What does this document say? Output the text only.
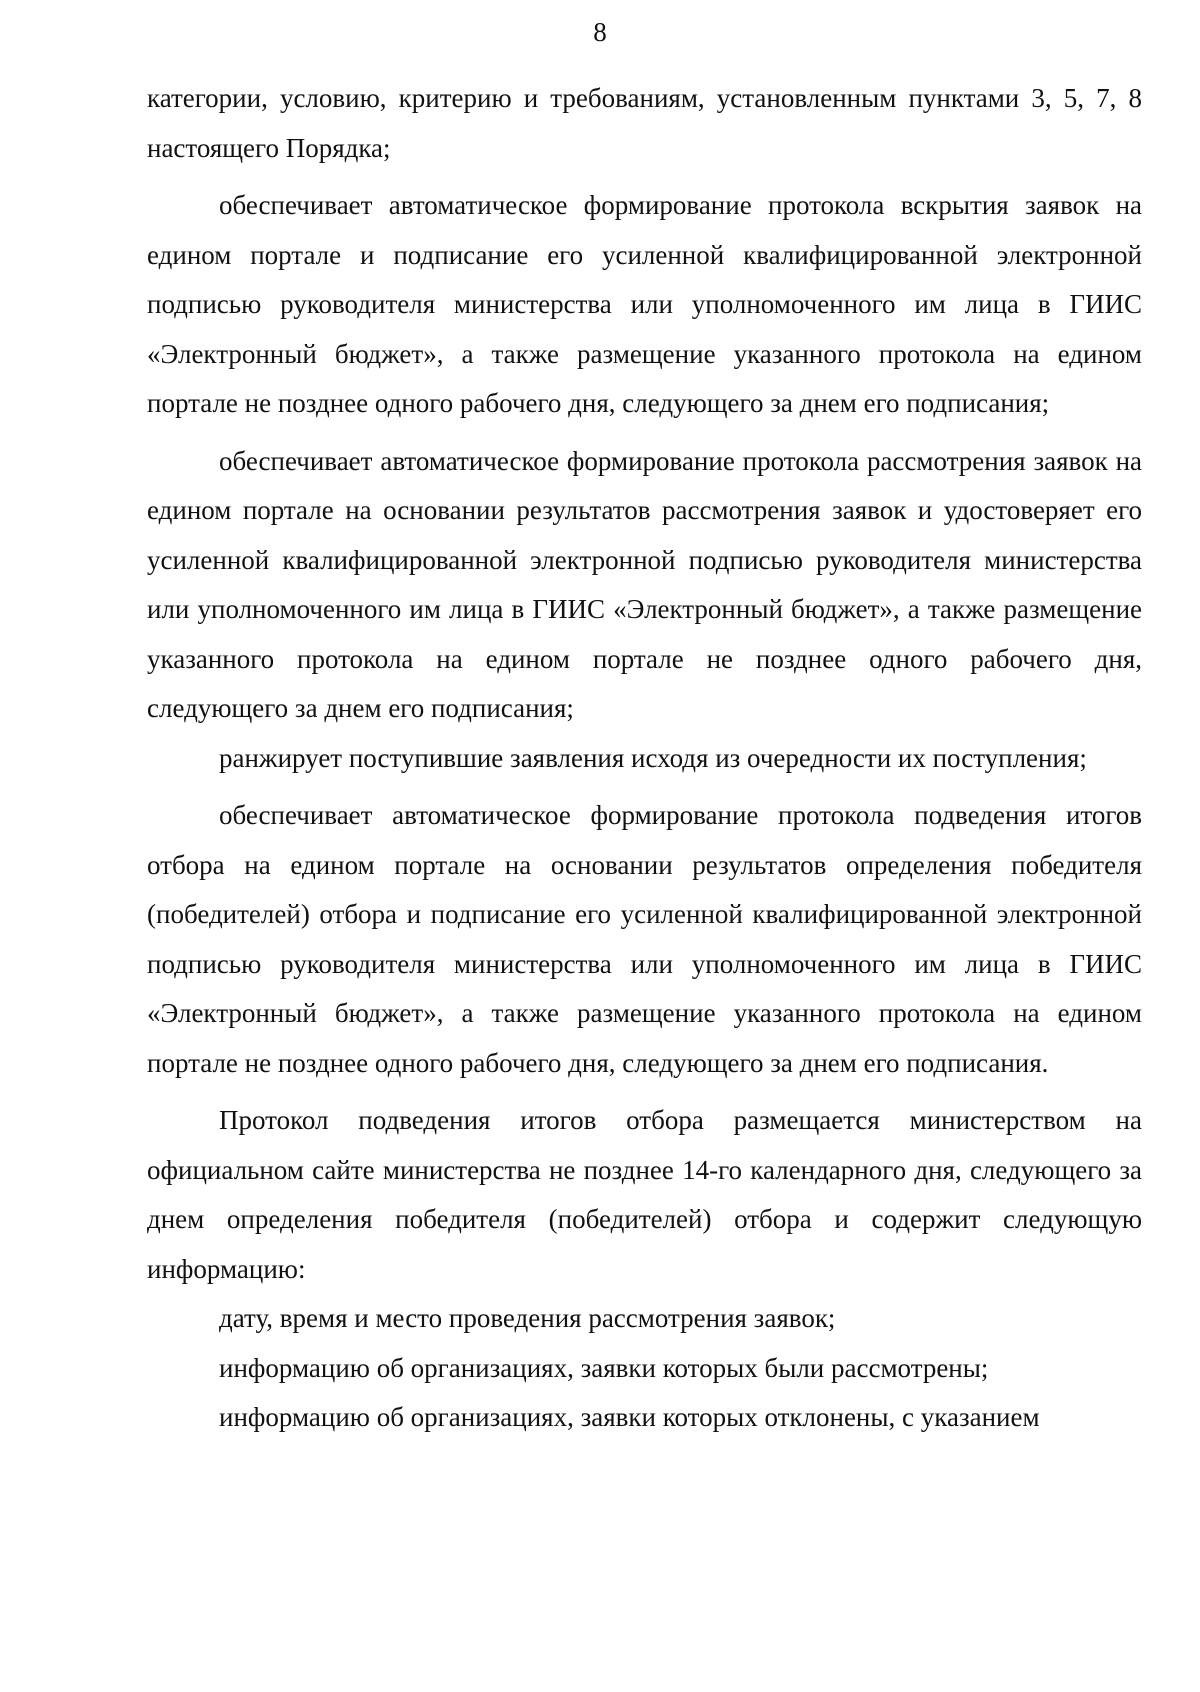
8

категории, условию, критерию и требованиям, установленным пунктами 3, 5, 7, 8 настоящего Порядка;

обеспечивает автоматическое формирование протокола вскрытия заявок на едином портале и подписание его усиленной квалифицированной электронной подписью руководителя министерства или уполномоченного им лица в ГИИС «Электронный бюджет», а также размещение указанного протокола на едином портале не позднее одного рабочего дня, следующего за днем его подписания;

обеспечивает автоматическое формирование протокола рассмотрения заявок на едином портале на основании результатов рассмотрения заявок и удостоверяет его усиленной квалифицированной электронной подписью руководителя министерства или уполномоченного им лица в ГИИС «Электронный бюджет», а также размещение указанного протокола на едином портале не позднее одного рабочего дня, следующего за днем его подписания;

ранжирует поступившие заявления исходя из очередности их поступления;

обеспечивает автоматическое формирование протокола подведения итогов отбора на едином портале на основании результатов определения победителя (победителей) отбора и подписание его усиленной квалифицированной электронной подписью руководителя министерства или уполномоченного им лица в ГИИС «Электронный бюджет», а также размещение указанного протокола на едином портале не позднее одного рабочего дня, следующего за днем его подписания.

Протокол подведения итогов отбора размещается министерством на официальном сайте министерства не позднее 14-го календарного дня, следующего за днем определения победителя (победителей) отбора и содержит следующую информацию:

дату, время и место проведения рассмотрения заявок;

информацию об организациях, заявки которых были рассмотрены;

информацию об организациях, заявки которых отклонены, с указанием
